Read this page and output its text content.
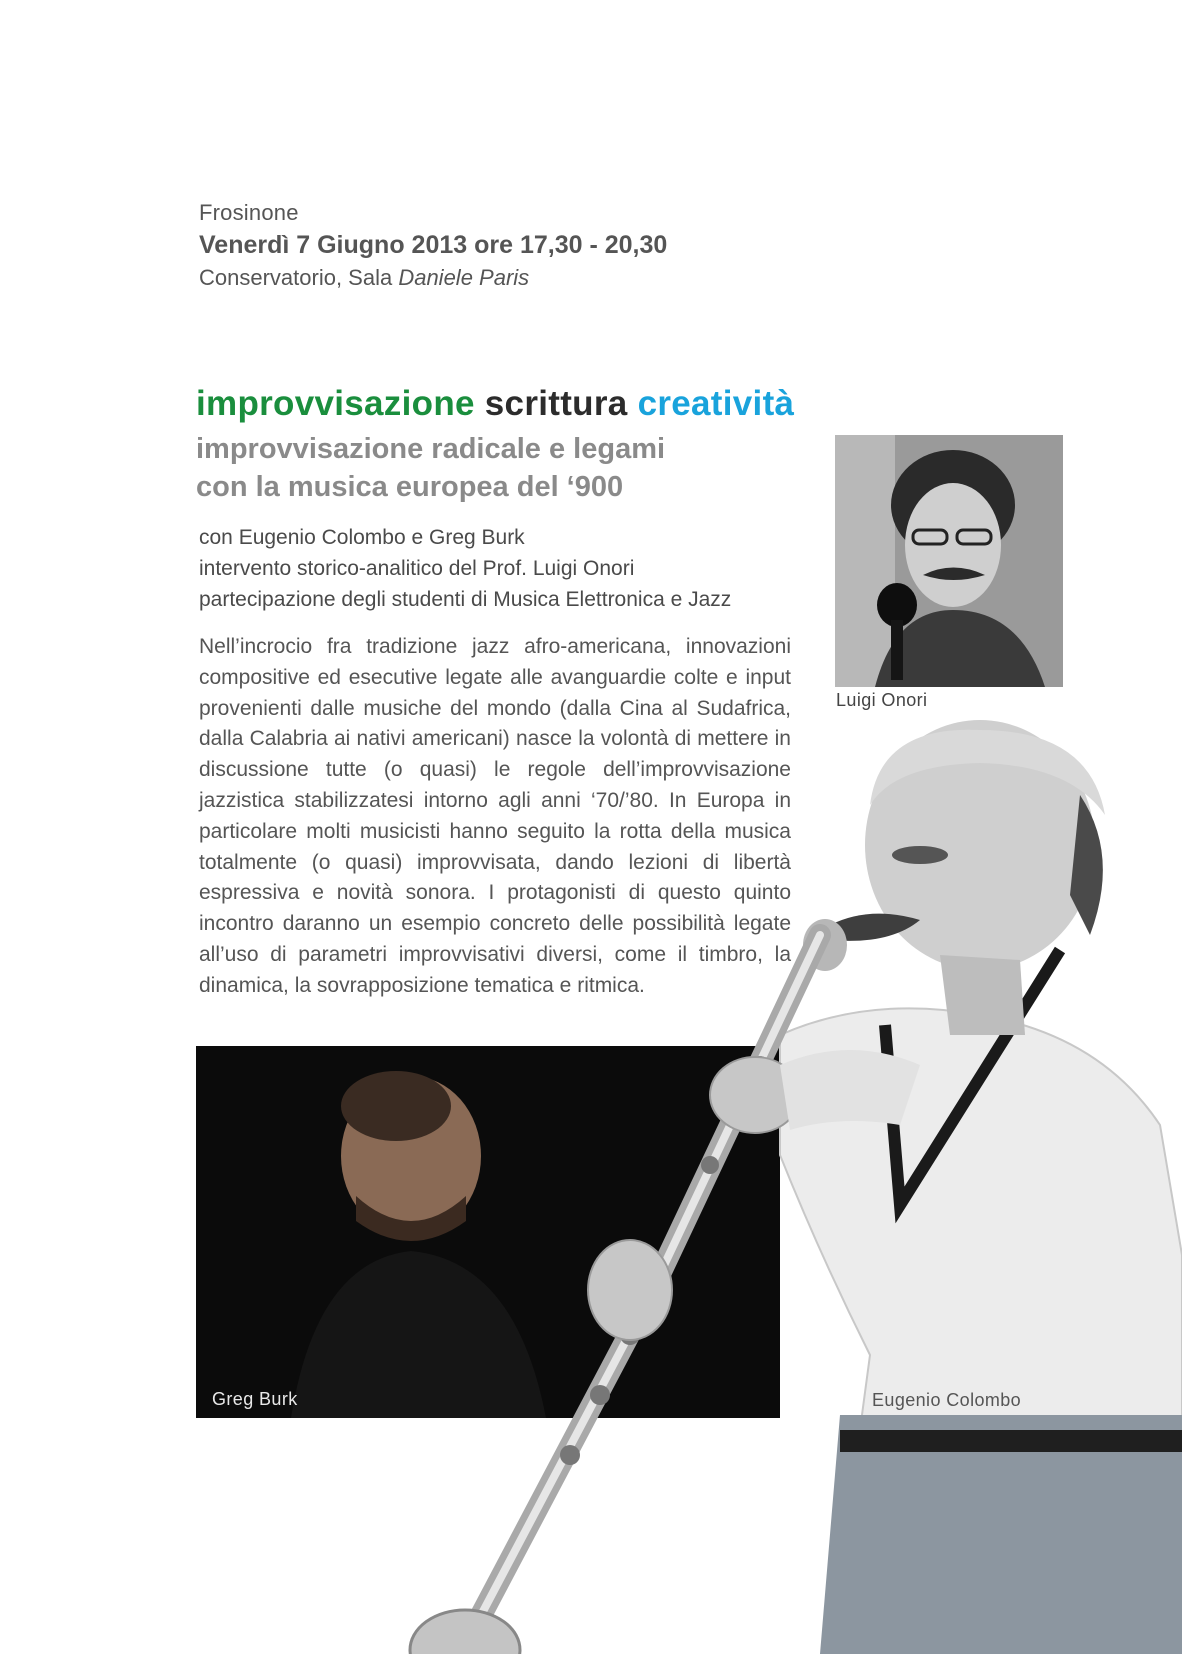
Frosinone
Venerdì 7 Giugno 2013 ore 17,30 - 20,30
Conservatorio, Sala Daniele Paris
improvvisazione scrittura creatività
improvvisazione radicale e legami
con la musica europea del ‘900
con Eugenio Colombo e Greg Burk
intervento storico-analitico del Prof. Luigi Onori
partecipazione degli studenti di Musica Elettronica e Jazz
Nell’incrocio fra tradizione jazz afro-americana, innovazioni compositive ed esecutive legate alle avanguardie colte e input provenienti dalle musiche del mondo (dalla Cina al Sudafrica, dalla Calabria ai nativi americani) nasce la volontà di mettere in discussione tutte (o quasi) le regole dell’improvvisazione jazzistica stabilizzatesi intorno agli anni ‘70/’80. In Europa in particolare molti musicisti hanno seguito la rotta della musica totalmente (o quasi) improvvisata, dando lezioni di libertà espressiva e novità sonora. I protagonisti di questo quinto incontro daranno un esempio concreto delle possibilità legate all’uso di parametri improvvisativi diversi, come il timbro, la dinamica, la sovrapposizione tematica e ritmica.
Luigi Onori
Greg Burk	Eugenio Colombo
